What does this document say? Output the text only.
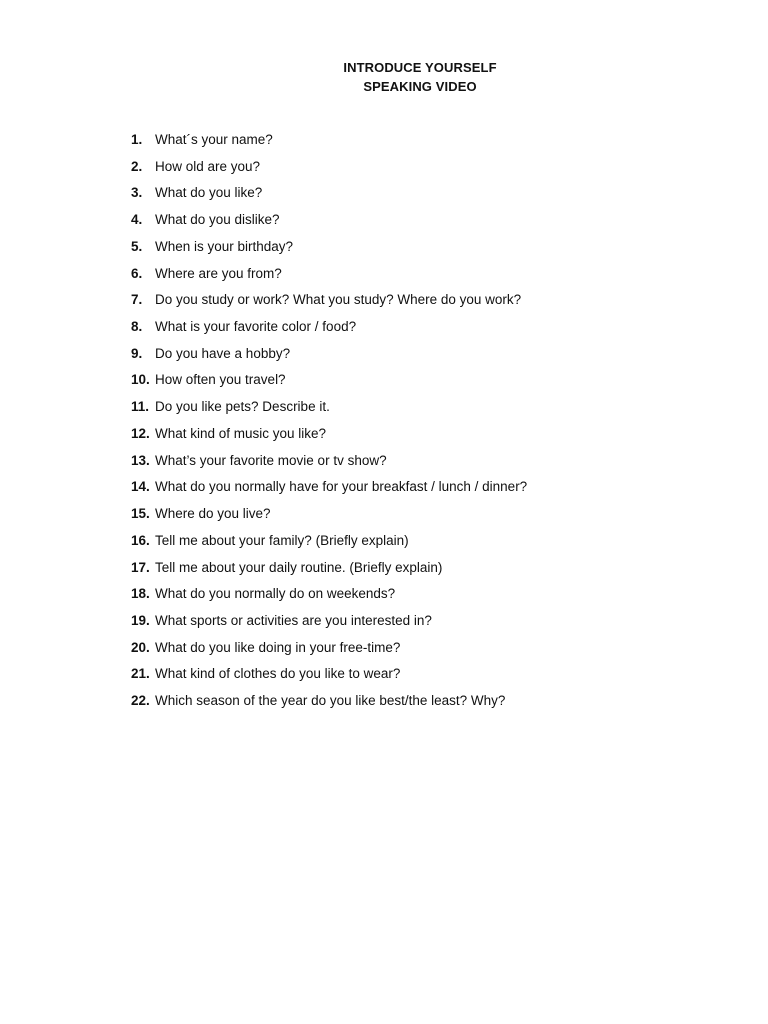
INTRODUCE YOURSELF
SPEAKING VIDEO
1. What´s your name?
2. How old are you?
3. What do you like?
4. What do you dislike?
5. When is your birthday?
6. Where are you from?
7. Do you study or work? What you study? Where do you work?
8. What is your favorite color / food?
9. Do you have a hobby?
10. How often you travel?
11. Do you like pets? Describe it.
12. What kind of music you like?
13. What’s your favorite movie or tv show?
14. What do you normally have for your breakfast / lunch / dinner?
15. Where do you live?
16. Tell me about your family? (Briefly explain)
17. Tell me about your daily routine. (Briefly explain)
18. What do you normally do on weekends?
19. What sports or activities are you interested in?
20. What do you like doing in your free-time?
21. What kind of clothes do you like to wear?
22. Which season of the year do you like best/the least? Why?
